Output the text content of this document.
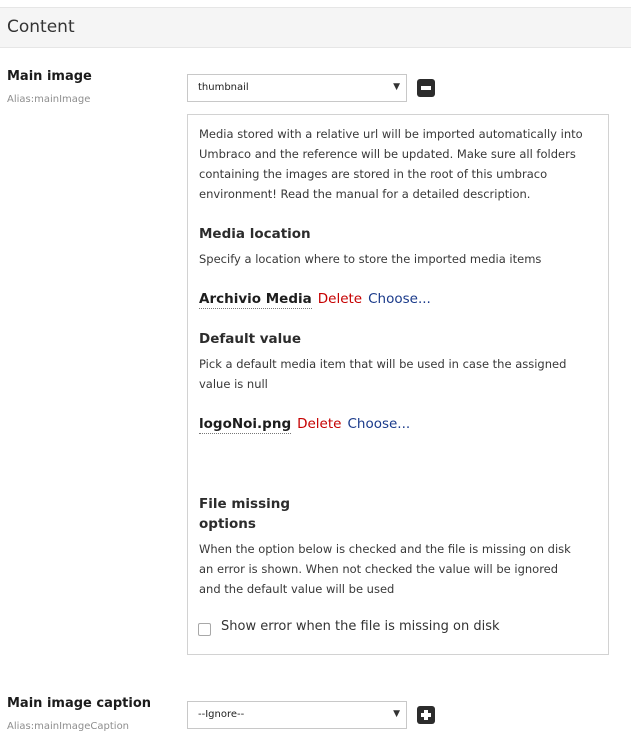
Content
Main image
Alias:mainImage
thumbnail	▼
Media stored with a relative url will be imported automatically into Umbraco and the reference will be updated. Make sure all folders containing the images are stored in the root of this umbraco environment! Read the manual for a detailed description.
Media location
Specify a location where to store the imported media items
Archivio Media Delete Choose...
Default value
Pick a default media item that will be used in case the assigned value is null
logoNoi.png Delete Choose...
File missing
options
When the option below is checked and the file is missing on disk an error is shown. When not checked the value will be ignored and the default value will be used
Show error when the file is missing on disk
Main image caption
Alias:mainImageCaption
--Ignore--	▼
